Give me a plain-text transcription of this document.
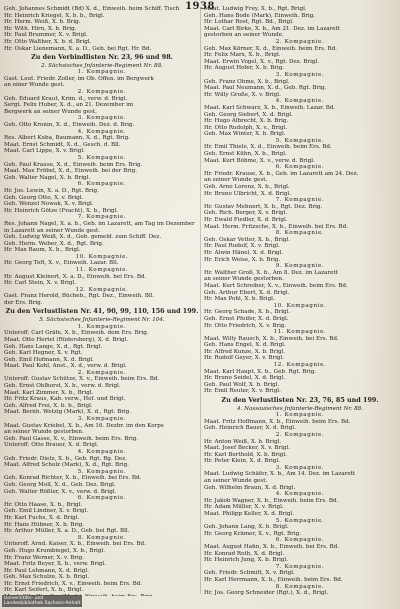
1938
Geh. Johannes Schmidt (Bd) X. d., Einweih. beim Schiff. Tisch
Hr. Heinrich Kriegel, X. b. b., Brigl.
Hr. Herm. Weiß, X. b. Brig.
Hr. With. Hirn, X. b. Brig.
Hr. Paul Brummer, X. v. Brigl.
Hr. Otto Walther, X. b. d. Brigl.
Hr. Oskar Lienemann, X. a. D., Geb. bei Rgt. Hr. Bd.
Zu den Verbindlisten Nr. 23, 96 und 98.
2. Sächsisches Jnfanterie-Regiment Nr. 88.
1. Kompagnie.
Gast. Leut. Friedr. Zoller, im Ob. Offen. im Bergwerk
an einer Wunde gest.
2. Kompagnie.
Geh. Eduard Kraut, Krim. d., verw. d. Brigl.
Sergt. Felix Huber, X. d., an 21. Dezember im
Bergwerk an seiner Wunde gest.
3. Kompagnie.
Geh. Otto Kronin, X. d., Einweih. Dez. d. Brig.
4. Kompagnie.
Res. Albert Kuba, Baumann, X. d., Rgt. Brig.
Maat. Ernst Schmidt, X. d., Gesch. d. Bll.
Maat. Carl Lippe, X. v. Brigl.
5. Kompagnie.
Geh. Paul Krause, X. d., Einweih. beim Ers. Brig.
Maat. Max Fröbel, X. d., Einweih. bei der Brig.
Geh. Walter Nagel, X. b. Brigl.
6. Kompagnie.
Hr. Jos. Lewin, X. a. D., Rgt. Brig.
Geh. Georg Otto, X. v. Brigl.
Geh. Wenzel Nowak, X. v. Brigl.
Hr. Heinrich Götze (Fracht), X. b., Brigl.
7. Kompagnie.
Res. Johann Nagel, X. a. b., Geb. im Lazarett, am Tag im Dezember
in Lazarett an seiner Wunde gest.
Geh. Ludwig Weiß, X. d., Geb. gemeld. zum Schiff. Dez.
Geh. Herm. Weber, X. d., Rgt. Brig.
Hr. Max Baum, X. b., Brigl.
10. Kompagnie.
Hr. Georg Toft, X. v., Einweih. Lazar. Bll.
11. Kompagnie.
Hr. August Kleinert, X. a. D., Einweih. bei Ers. Bd.
Hr. Carl Stein, X. v. Brigl.
12. Kompagnie.
Gast. Franz Herold, Bücheb., Rgt. Dez., Einweih. Bll.
der Ers. Brig.
Zu den Verlustlisten Nr. 41, 90, 99, 110, 156 und 199.
5. Sächsisches Jnfanterie-Regiment Nr. 104.
1. Kompagnie.
Unteroff. Carl Gräfe, X. b., Einweih. dem Ers. Brig.
Maat. Otto Hertel (Rüdersberg), X. d. Brigl.
Geh. Hans Lange, X. d., Rgt. Brigl.
Geh. Karl Hegner, X. v. Rgt.
Geh. Emil Hofmann, X. d. Brigl.
Maat. Paul Kohl, Anst., X. d., verw. d. Brigl.
2. Kompagnie.
Unteroff. Gustav Schütze, X. v., Einweih. beim Ers. Bd.
Geh. Ernst Ohlhorst, X. b., verw. d. Brigl.
Maat. Karl Zimmer, X. b., Brigl.
Hr. Fritz Kraus, Kab. verw., Hof. und Brigl.
Geh. Alfred Frei, X. b. b., Brigl.
Maat. Bernh. Wetzig (Mark), X. d., Rgt. Brig.
3. Kompagnie.
Maat. Gustav Kriebel, X. b., Am 16. Dezbr. im den Korps
an seiner Wunde gestorben.
Geh. Paul Gasse, X. v., Einweih. beim Ers. Brig.
Unteroff. Otto Brauer, X. d. Brigl.
4. Kompagnie.
Geh. Friedr. Dietz, X. b., Geb. Rgt. Rg. Dez.
Maat. Alfred Scholz (Mark), X. d., Rgt. Brig.
5. Kompagnie.
Geh. Konrad Richter, X. b., Einweih. bei Ers. Bd.
Geh. Georg Moll, X. d., Geb. Dez. Brigl.
Geh. Walter Rößler, X. v., verw. d. Brigl.
6. Kompagnie.
Hr. Otto Haase, X. b., Brigl.
Geh. Emil Lindner, X. v. Brigl.
Hr. Karl Fuchs, X. d. Brigl.
Hr. Hans Hübner, X. b. Brig.
Hr. Arthur Müller, X. a. D., Geb. bei Rgt. Bll.
8. Kompagnie.
Unteroff. Arnd. Kaiser, X. b., Einweih. bei Ers. Bd.
Geh. Hugo Krumbiegel, X. b., Brigl.
Hr. Franz Werner, X. v. Brig.
Maat. Fritz Beyer, X. b., verw. Brigl.
Hr. Paul Lehmann, X. d. Brigl.
Geh. Max Schulze, X. b. Brigl.
Hr. Ernst Friedrich, X. v., Einweih. beim Ers. Bd.
Hr. Karl Seifert, X. b., Brigl.
Maat. Ludwig Frey, X. b., Rgt. Brigl.
Geh. Hans Bode (Mark), Einweih. Brig.
Hr. Lothar Rost, Rgt. Bd., Brigl.
Maat. Carl Birke, X. b., Am 21. Dez. im Lazarett
gestorben an seiner Wunde.
2. Kompagnie.
Geh. Max Körner, X. d., Einweih. beim Ers. Bd.
Hr. Felix Marx, X. b., Brigl.
Maat. Erwin Vogel, X. v., Rgt. Dez. Brigl.
Hr. August Hofer, X. b. Brig.
3. Kompagnie.
Geh. Franz Ohme, X. b., Brigl.
Maat. Paul Neumann, X. d., Geb. Rgt. Brig.
Hr. Willy Große, X. v. Brigl.
4. Kompagnie.
Maat. Karl Schwarz, X. b., Einweih. Lazar. Bd.
Geh. Georg Siebert, X. d. Brigl.
Hr. Hugo Albrecht, X. b. Brig.
Hr. Otto Rudolph, X. v., Brigl.
Geh. Max Winter, X. b. Brigl.
5. Kompagnie.
Hr. Emil Thiele, X. d., Einweih. beim Ers. Bd.
Geh. Ernst Kühn, X. b., Brigl.
Maat. Kurt Böhme, X. v., verw. d. Brigl.
6. Kompagnie.
Hr. Friedr. Krause, X. b., Geb. im Lazarett am 24. Dez.
an seiner Wunde gest.
Geh. Arno Lorenz, X. b., Brigl.
Hr. Bruno Ulbricht, X. d. Brigl.
7. Kompagnie.
Hr. Gustav Mehnert, X. b., Rgt. Dez. Brig.
Geh. Rich. Berger, X. v. Brigl.
Hr. Ewald Fiedler, X. d. Brigl.
Maat. Herm. Fritzsche, X. b., Einweih. bei Ers. Bd.
8. Kompagnie.
Geh. Oskar Vetter, X. b., Brigl.
Hr. Paul Rudolf, X. v. Brigl.
Hr. Alwin Hänel, X. d. Brigl.
Hr. Erich Weise, X. b. Brig.
9. Kompagnie.
Hr. Walther Groß, X. b., Am 8. Dez. im Lazarett
an seiner Wunde gestorben.
Maat. Kurt Schreiber, X. v., Einweih. beim Ers. Bd.
Geh. Arthur Ebert, X. d. Brigl.
Hr. Max Pohl, X. b. Brigl.
10. Kompagnie.
Hr. Georg Schade, X. b., Brigl.
Geh. Ernst Pfeifer, X. d. Brigl.
Hr. Otto Friedrich, X. v. Brig.
11. Kompagnie.
Maat. Willy Rausch, X. b., Einweih. bei Ers. Bd.
Geh. Hans Engel, X. d. Brigl.
Hr. Alfred Kunze, X. b. Brigl.
Hr. Rudolf Geyer, X. v. Brigl.
12. Kompagnie.
Maat. Karl Haupt, X. b., Geb. Rgt. Brig.
Hr. Bruno Seidel, X. d. Brigl.
Geh. Paul Wolf, X. b. Brigl.
Hr. Emil Reuter, X. v. Brigl.
Zu den Verlustlisten Nr. 23, 76, 85 und 199.
4. Nassauisches Jnfanterie-Regiment Nr. 88.
1. Kompagnie.
Maat. Fritz Hoffmann, X. b., Einweih. beim Ers. Bd.
Geh. Heinrich Bauer, X. d. Brigl.
2. Kompagnie.
Hr. Anton Weiß, X. b. Brigl.
Maat. Josef Becker, X. v. Brigl.
Hr. Karl Berthold, X. b. Brigl.
Hr. Peter Klein, X. d. Brigl.
3. Kompagnie.
Maat. Ludwig Schäfer, X. b., Am 14. Dez. im Lazarett
an seiner Wunde gest.
Geh. Wilhelm Braun, X. d. Brigl.
4. Kompagnie.
Hr. Jakob Wagner, X. b., Einweih. beim Ers. Bd.
Hr. Adam Müller, X. v. Brigl.
Maat. Philipp Keller, X. d. Brigl.
5. Kompagnie.
Geh. Johann Lang, X. b. Brigl.
Hr. Georg Krämer, X. v., Rgt. Brig.
6. Kompagnie.
Maat. August Hahn, X. b., Einweih. bei Ers. Bd.
Hr. Konrad Roth, X. d. Brigl.
Hr. Heinrich Jung, X. b. Brigl.
7. Kompagnie.
Geh. Friedr. Schmitt, X. v. Brigl.
Hr. Karl Herrmann, X. b., Einweih. beim Ers. Bd.
8. Kompagnie.
Hr. Jos. Georg Schneider (Rgt.), X. d., Brigl.
Universitäts- und
Landesbibliothek Sachsen-Anhalt
